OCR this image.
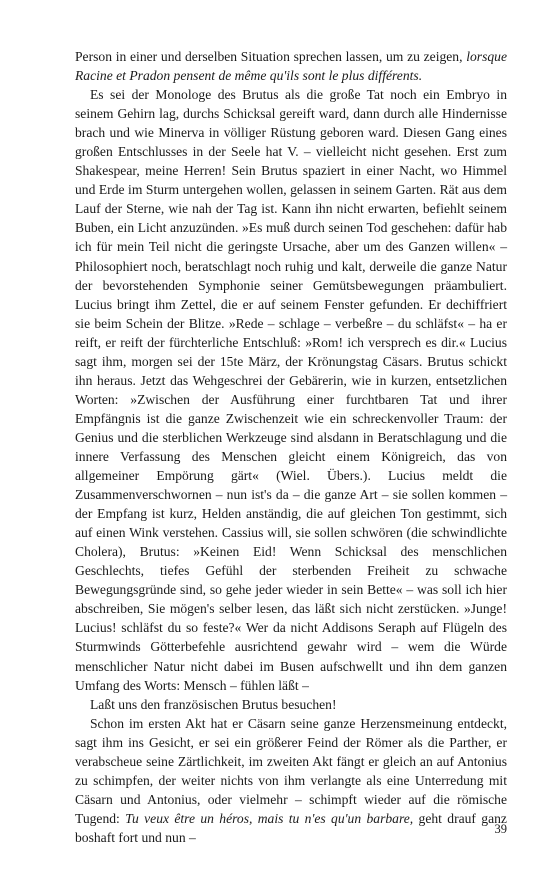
Person in einer und derselben Situation sprechen lassen, um zu zeigen, lorsque Racine et Pradon pensent de même qu'ils sont le plus différents.

Es sei der Monologe des Brutus als die große Tat noch ein Embryo in seinem Gehirn lag, durchs Schicksal gereift ward, dann durch alle Hindernisse brach und wie Minerva in völliger Rüstung geboren ward. Diesen Gang eines großen Entschlusses in der Seele hat V. – vielleicht nicht gesehen. Erst zum Shakespear, meine Herren! Sein Brutus spaziert in einer Nacht, wo Himmel und Erde im Sturm untergehen wollen, gelassen in seinem Garten. Rät aus dem Lauf der Sterne, wie nah der Tag ist. Kann ihn nicht erwarten, befiehlt seinem Buben, ein Licht anzuzünden. »Es muß durch seinen Tod geschehen: dafür hab ich für mein Teil nicht die geringste Ursache, aber um des Ganzen willen« – Philosophiert noch, beratschlagt noch ruhig und kalt, derweile die ganze Natur der bevorstehenden Symphonie seiner Gemütsbewegungen präambuliert. Lucius bringt ihm Zettel, die er auf seinem Fenster gefunden. Er dechiffriert sie beim Schein der Blitze. »Rede – schlage – verbeßre – du schläfst« – ha er reift, er reift der fürchterliche Entschluß: »Rom! ich versprech es dir.« Lucius sagt ihm, morgen sei der 15te März, der Krönungstag Cäsars. Brutus schickt ihn heraus. Jetzt das Wehgeschrei der Gebärerin, wie in kurzen, entsetzlichen Worten: »Zwischen der Ausführung einer furchtbaren Tat und ihrer Empfängnis ist die ganze Zwischenzeit wie ein schreckenvoller Traum: der Genius und die sterblichen Werkzeuge sind alsdann in Beratschlagung und die innere Verfassung des Menschen gleicht einem Königreich, das von allgemeiner Empörung gärt« (Wiel. Übers.). Lucius meldt die Zusammenverschwornen – nun ist's da – die ganze Art – sie sollen kommen – der Empfang ist kurz, Helden anständig, die auf gleichen Ton gestimmt, sich auf einen Wink verstehen. Cassius will, sie sollen schwören (die schwindlichte Cholera), Brutus: »Keinen Eid! Wenn Schicksal des menschlichen Geschlechts, tiefes Gefühl der sterbenden Freiheit zu schwache Bewegungsgründe sind, so gehe jeder wieder in sein Bette« – was soll ich hier abschreiben, Sie mögen's selber lesen, das läßt sich nicht zerstücken. »Junge! Lucius! schläfst du so feste?« Wer da nicht Addisons Seraph auf Flügeln des Sturmwinds Götterbefehle ausrichtend gewahr wird – wem die Würde menschlicher Natur nicht dabei im Busen aufschwellt und ihn dem ganzen Umfang des Worts: Mensch – fühlen läßt –

Laßt uns den französischen Brutus besuchen!

Schon im ersten Akt hat er Cäsarn seine ganze Herzensmeinung entdeckt, sagt ihm ins Gesicht, er sei ein größerer Feind der Römer als die Parther, er verabscheue seine Zärtlichkeit, im zweiten Akt fängt er gleich an auf Antonius zu schimpfen, der weiter nichts von ihm verlangte als eine Unterredung mit Cäsarn und Antonius, oder vielmehr – schimpft wieder auf die römische Tugend: Tu veux être un héros, mais tu n'es qu'un barbare, geht drauf ganz boshaft fort und nun –

39
